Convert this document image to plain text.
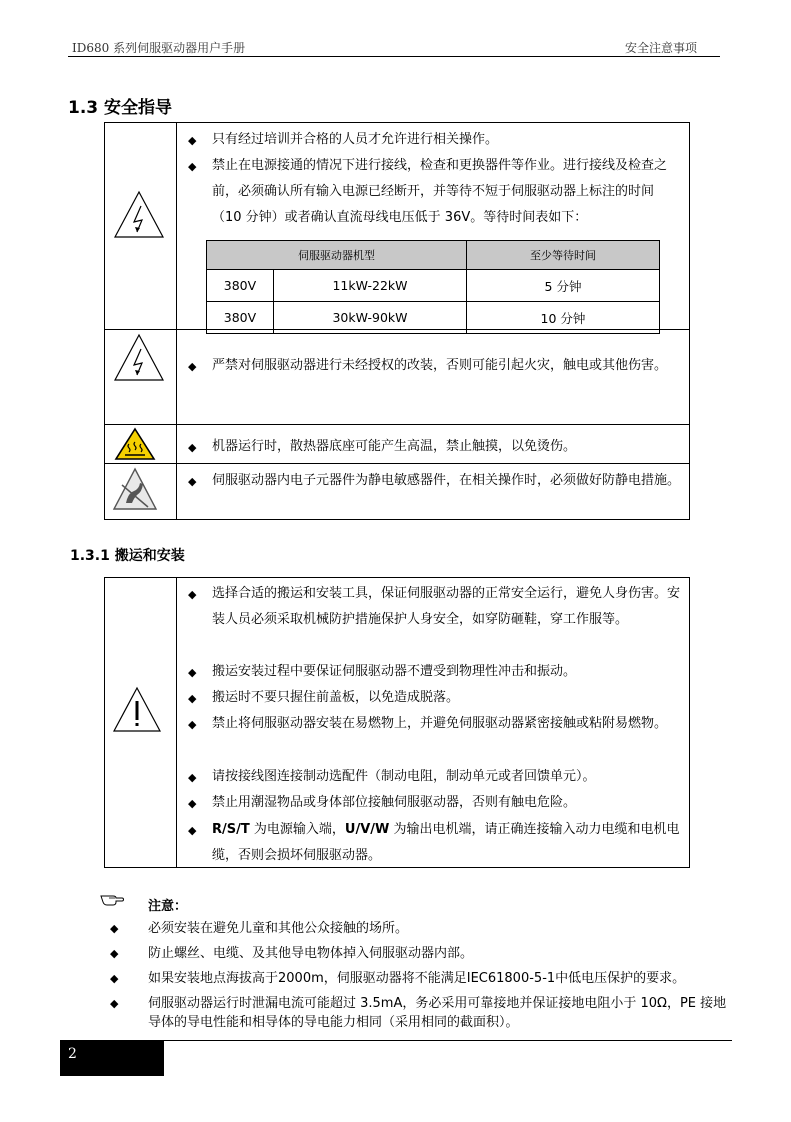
ID680 系列伺服驱动器用户手册	安全注意事项
1.3 安全指导
◆ 只有经过培训并合格的人员才允许进行相关操作。
◆ 禁止在电源接通的情况下进行接线，检查和更换器件等作业。进行接线及检查之前，必须确认所有输入电源已经断开，并等待不短于伺服驱动器上标注的时间（10 分钟）或者确认直流母线电压低于 36V。等待时间表如下：
伺服驱动器机型		至少等待时间
380V	11kW-22kW	5 分钟
380V	30kW-90kW	10 分钟
◆ 严禁对伺服驱动器进行未经授权的改装，否则可能引起火灾，触电或其他伤害。
◆ 机器运行时，散热器底座可能产生高温，禁止触摸，以免烫伤。
◆ 伺服驱动器内电子元器件为静电敏感器件，在相关操作时，必须做好防静电措施。
1.3.1 搬运和安装
◆ 选择合适的搬运和安装工具，保证伺服驱动器的正常安全运行，避免人身伤害。安装人员必须采取机械防护措施保护人身安全，如穿防砸鞋，穿工作服等。
◆ 搬运安装过程中要保证伺服驱动器不遭受到物理性冲击和振动。
◆ 搬运时不要只握住前盖板，以免造成脱落。
◆ 禁止将伺服驱动器安装在易燃物上，并避免伺服驱动器紧密接触或粘附易燃物。
◆ 请按接线图连接制动选配件（制动电阻，制动单元或者回馈单元）。
◆ 禁止用潮湿物品或身体部位接触伺服驱动器，否则有触电危险。
◆ R/S/T 为电源输入端，U/V/W 为输出电机端，请正确连接输入动力电缆和电机电缆，否则会损坏伺服驱动器。
注意：
◆ 必须安装在避免儿童和其他公众接触的场所。
◆ 防止螺丝、电缆、及其他导电物体掉入伺服驱动器内部。
◆ 如果安装地点海拔高于2000m，伺服驱动器将不能满足IEC61800-5-1中低电压保护的要求。
◆ 伺服驱动器运行时泄漏电流可能超过 3.5mA，务必采用可靠接地并保证接地电阻小于 10Ω，PE 接地导体的导电性能和相导体的导电能力相同（采用相同的截面积）。
2
